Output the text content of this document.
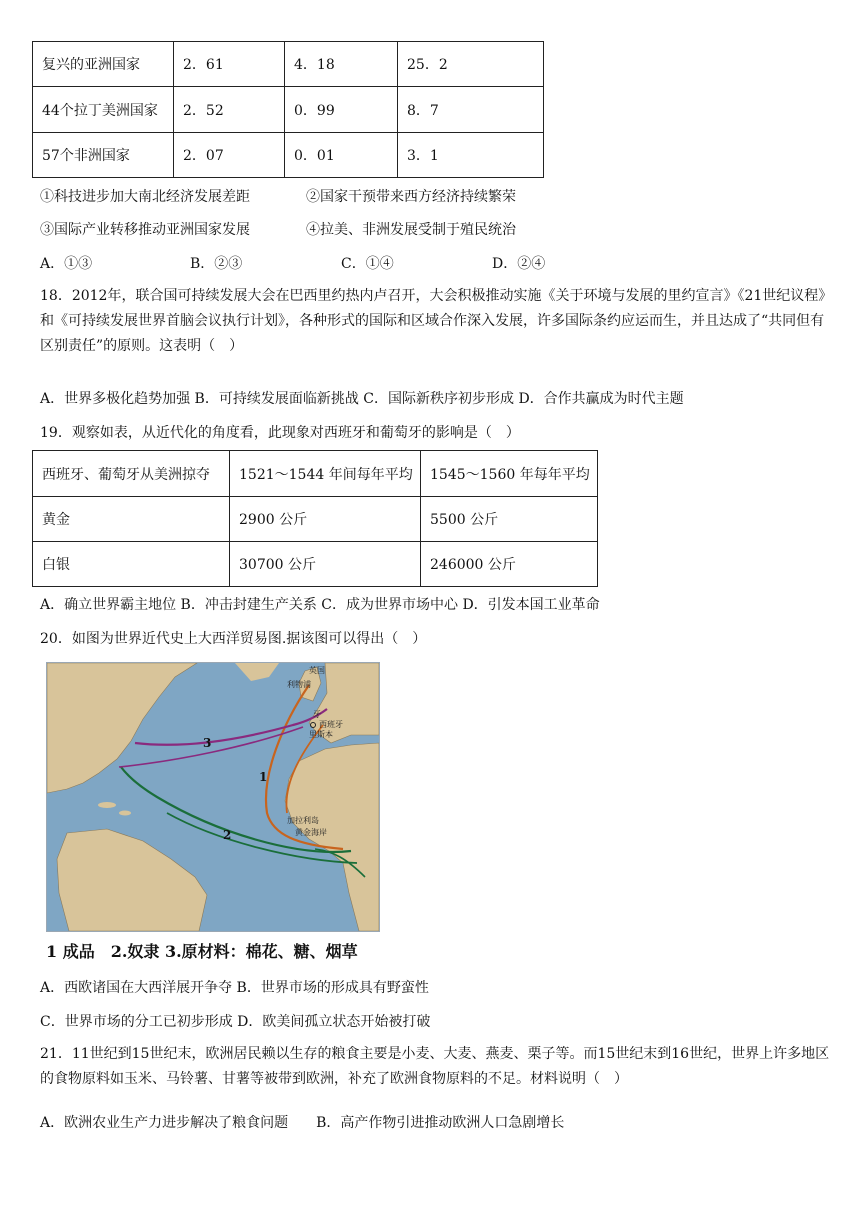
复兴的亚洲国家	2．61	4．18	25．2
44个拉丁美洲国家	2．52	0．99	8．7
57个非洲国家	2．07	0．01	3．1
①科技进步加大南北经济发展差距	②国家干预带来西方经济持续繁荣
③国际产业转移推动亚洲国家发展	④拉美、非洲发展受制于殖民统治
A．①③	B．②③	C．①④	D．②④
18．2012年，联合国可持续发展大会在巴西里约热内卢召开，大会积极推动实施《关于环境与发展的里约宣言》《21世纪议程》和《可持续发展世界首脑会议执行计划》，各种形式的国际和区域合作深入发展，许多国际条约应运而生，并且达成了“共同但有区别责任”的原则。这表明（　）
A．世界多极化趋势加强 B．可持续发展面临新挑战 C．国际新秩序初步形成 D．合作共赢成为时代主题
19．观察如表，从近代化的角度看，此现象对西班牙和葡萄牙的影响是（　）
西班牙、葡萄牙从美洲掠夺	1521～1544 年间每年平均	1545～1560 年每年平均
黄金	2900 公斤	5500 公斤
白银	30700 公斤	246000 公斤
A．确立世界霸主地位 B．冲击封建生产关系 C．成为世界市场中心 D．引发本国工业革命
20．如图为世界近代史上大西洋贸易图.据该图可以得出（　）
英国
利物浦
牙
西班牙
里斯本
加拉利岛
黄金海岸
1
2
3
1 成品　2.奴隶 3.原材料：棉花、糖、烟草
A．西欧诸国在大西洋展开争夺 B．世界市场的形成具有野蛮性
C．世界市场的分工已初步形成 D．欧美间孤立状态开始被打破
21．11世纪到15世纪末，欧洲居民赖以生存的粮食主要是小麦、大麦、燕麦、栗子等。而15世纪末到16世纪，世界上许多地区的食物原料如玉米、马铃薯、甘薯等被带到欧洲，补充了欧洲食物原料的不足。材料说明（　）
A．欧洲农业生产力进步解决了粮食问题　　B．高产作物引进推动欧洲人口急剧增长
